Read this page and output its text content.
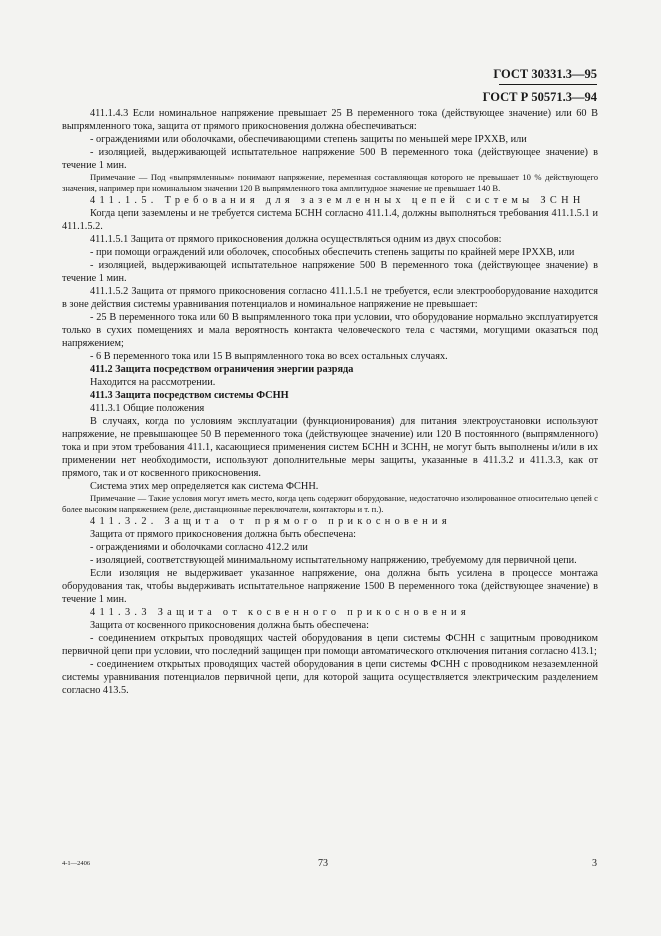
ГОСТ 30331.3—95
ГОСТ Р 50571.3—94

411.1.4.3 Если номинальное напряжение превышает 25 В переменного тока (действующее значение) или 60 В выпрямленного тока, защита от прямого прикосновения должна обеспечиваться:

- ограждениями или оболочками, обеспечивающими степень защиты по меньшей мере IPXXB, или

- изоляцией, выдерживающей испытательное напряжение 500 В переменного тока (действующее значение) в течение 1 мин.

Примечание — Под «выпрямленным» понимают напряжение, переменная составляющая которого не превышает 10 % действующего значения, например при номинальном значении 120 В выпрямленного тока амплитудное значение не превышает 140 В.

411.1.5. Требования для заземленных цепей системы ЗСНН

Когда цепи заземлены и не требуется система БСНН согласно 411.1.4, должны выполняться требования 411.1.5.1 и 411.1.5.2.

411.1.5.1 Защита от прямого прикосновения должна осуществляться одним из двух способов:

- при помощи ограждений или оболочек, способных обеспечить степень защиты по крайней мере IPXXB, или

- изоляцией, выдерживающей испытательное напряжение 500 В переменного тока (действующее значение) в течение 1 мин.

411.1.5.2 Защита от прямого прикосновения согласно 411.1.5.1 не требуется, если электрооборудование находится в зоне действия системы уравнивания потенциалов и номинальное напряжение не превышает:

- 25 В переменного тока или 60 В выпрямленного тока при условии, что оборудование нормально эксплуатируется только в сухих помещениях и мала вероятность контакта человеческого тела с частями, могущими оказаться под напряжением;

- 6 В переменного тока или 15 В выпрямленного тока во всех остальных случаях.

411.2 Защита посредством ограничения энергии разряда

Находится на рассмотрении.

411.3 Защита посредством системы ФСНН

411.3.1 Общие положения

В случаях, когда по условиям эксплуатации (функционирования) для питания электроустановки используют напряжение, не превышающее 50 В переменного тока (действующее значение) или 120 В постоянного (выпрямленного) тока и при этом требования 411.1, касающиеся применения систем БСНН и ЗСНН, не могут быть выполнены и/или в их применении нет необходимости, используют дополнительные меры защиты, указанные в 411.3.2 и 411.3.3, как от прямого, так и от косвенного прикосновения.

Система этих мер определяется как система ФСНН.

Примечание — Такие условия могут иметь место, когда цепь содержит оборудование, недостаточно изолированное относительно цепей с более высоким напряжением (реле, дистанционные переключатели, контакторы и т. п.).

411.3.2. Защита от прямого прикосновения

Защита от прямого прикосновения должна быть обеспечена:

- ограждениями и оболочками согласно 412.2 или

- изоляцией, соответствующей минимальному испытательному напряжению, требуемому для первичной цепи.

Если изоляция не выдерживает указанное напряжение, она должна быть усилена в процессе монтажа оборудования так, чтобы выдерживать испытательное напряжение 1500 В переменного тока (действующее значение) в течение 1 мин.

411.3.3 Защита от косвенного прикосновения

Защита от косвенного прикосновения должна быть обеспечена:

- соединением открытых проводящих частей оборудования в цепи системы ФСНН с защитным проводником первичной цепи при условии, что последний защищен при помощи автоматического отключения питания согласно 413.1;

- соединением открытых проводящих частей оборудования в цепи системы ФСНН с проводником незаземленной системы уравнивания потенциалов первичной цепи, для которой защита осуществляется электрическим разделением согласно 413.5.

4-1—2406	73	3
